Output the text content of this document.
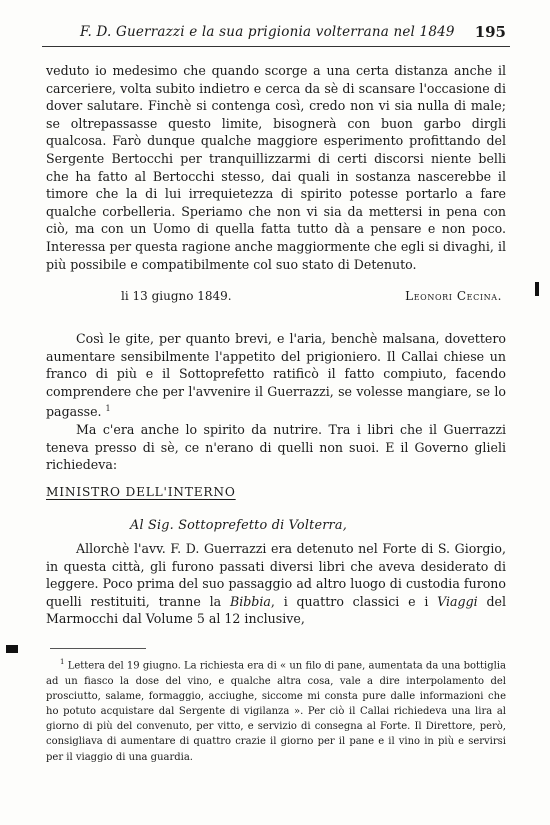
F. D. Guerrazzi e la sua prigionia volterrana nel 1849 195

veduto io medesimo che quando scorge a una certa distanza anche il carceriere, volta subito indietro e cerca da sè di scansare l'occasione di dover salutare. Finchè si contenga così, credo non vi sia nulla di male; se oltrepassasse questo limite, bisognerà con buon garbo dirgli qualcosa. Farò dunque qualche maggiore esperimento profittando del Sergente Bertocchi per tranquillizzarmi di certi discorsi niente belli che ha fatto al Bertocchi stesso, dai quali in sostanza nascerebbe il timore che la di lui irrequietezza di spirito potesse portarlo a fare qualche corbelleria. Speriamo che non vi sia da mettersi in pena con ciò, ma con un Uomo di quella fatta tutto dà a pensare e non poco. Interessa per questa ragione anche maggiormente che egli si divaghi, il più possibile e compatibilmente col suo stato di Detenuto.

li 13 giugno 1849.	Leonori Cecina.

Così le gite, per quanto brevi, e l'aria, benchè malsana, dovettero aumentare sensibilmente l'appetito del prigioniero. Il Callai chiese un franco di più e il Sottoprefetto ratificò il fatto compiuto, facendo comprendere che per l'avvenire il Guerrazzi, se volesse mangiare, se lo pagasse. $^1$

Ma c'era anche lo spirito da nutrire. Tra i libri che il Guerrazzi teneva presso di sè, ce n'erano di quelli non suoi. E il Governo glieli richiedeva:

MINISTRO DELL'INTERNO
Al Sig. Sottoprefetto di Volterra,

Allorchè l'avv. F. D. Guerrazzi era detenuto nel Forte di S. Giorgio, in questa città, gli furono passati diversi libri che aveva desiderato di leggere. Poco prima del suo passaggio ad altro luogo di custodia furono quelli restituiti, tranne la Bibbia, i quattro classici e i Viaggi del Marmocchi dal Volume 5 al 12 inclusive,

$^1$ Lettera del 19 giugno. La richiesta era di « un filo di pane, aumentata da una bottiglia ad un fiasco la dose del vino, e qualche altra cosa, vale a dire interpolamento del prosciutto, salame, formaggio, acciughe, siccome mi consta pure dalle informazioni che ho potuto acquistare dal Sergente di vigilanza ». Per ciò il Callai richiedeva una lira al giorno di più del convenuto, per vitto, e servizio di consegna al Forte. Il Direttore, però, consigliava di aumentare di quattro crazie il giorno per il pane e il vino in più e servirsi per il viaggio di una guardia.
